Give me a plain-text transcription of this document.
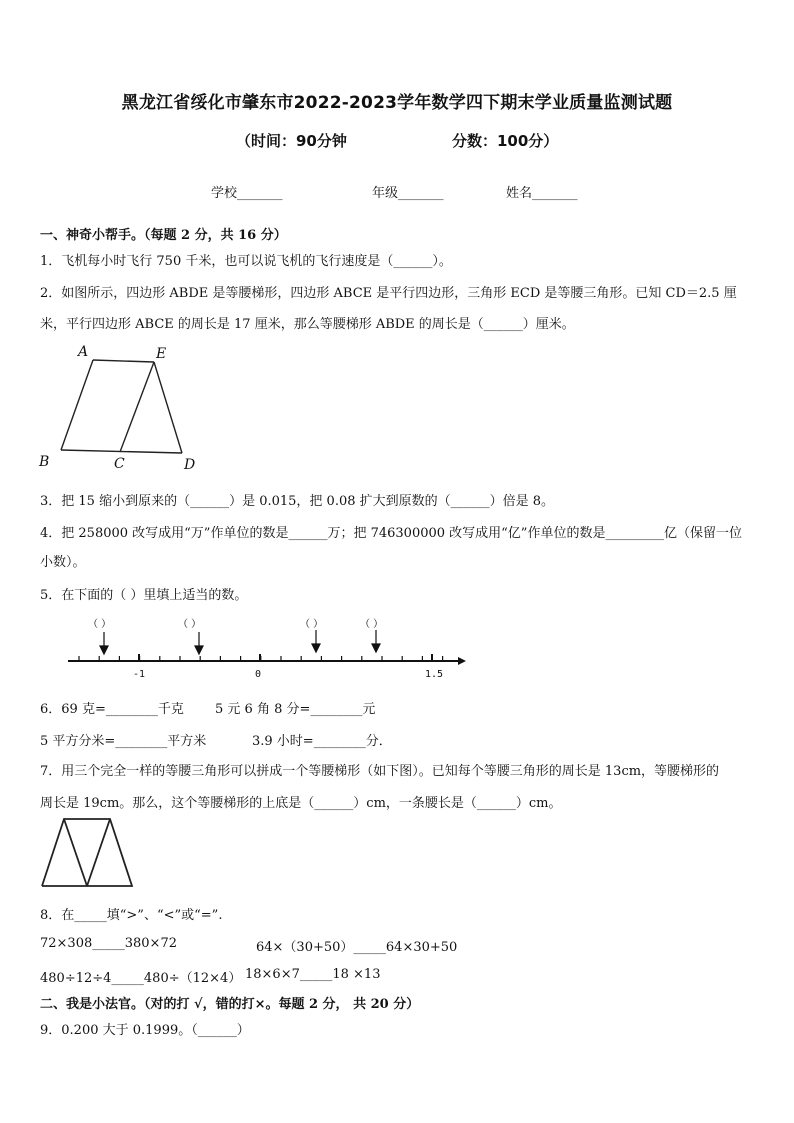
黑龙江省绥化市肇东市2022-2023学年数学四下期末学业质量监测试题
（时间：90分钟	分数：100分）
学校_______	年级_______	姓名_______
一、神奇小帮手。（每题 2 分，共 16 分）
1．飞机每小时飞行 750 千米，也可以说飞机的飞行速度是（______）。
2．如图所示，四边形 ABDE 是等腰梯形，四边形 ABCE 是平行四边形，三角形 ECD 是等腰三角形。已知 CD＝2.5 厘
米，平行四边形 ABCE 的周长是 17 厘米，那么等腰梯形 ABDE 的周长是（______）厘米。
A	E
B	C	D
3．把 15 缩小到原来的（______）是 0.015，把 0.08 扩大到原数的（______）倍是 8。
4．把 258000 改写成用“万”作单位的数是______万；把 746300000 改写成用“亿”作单位的数是_________亿（保留一位
小数）。
5．在下面的（ ）里填上适当的数。
（ ）	（ ）	（ ）	（ ）
-1	0	1.5
6．69 克=________千克 5 元 6 角 8 分=________元
5 平方分米=________平方米	3.9 小时=________分．
7．用三个完全一样的等腰三角形可以拼成一个等腰梯形（如下图）。已知每个等腰三角形的周长是 13cm，等腰梯形的
周长是 19cm。那么，这个等腰梯形的上底是（______）cm，一条腰长是（______）cm。
8．在_____填“>”、“<”或“=”.
72×308_____380×72	64×（30+50）_____64×30+50
480÷12÷4_____480÷（12×4） 18×6×7_____18 ×13
二、我是小法官。（对的打 √，错的打×。每题 2 分， 共 20 分）
9．0.200 大于 0.1999。（______）
